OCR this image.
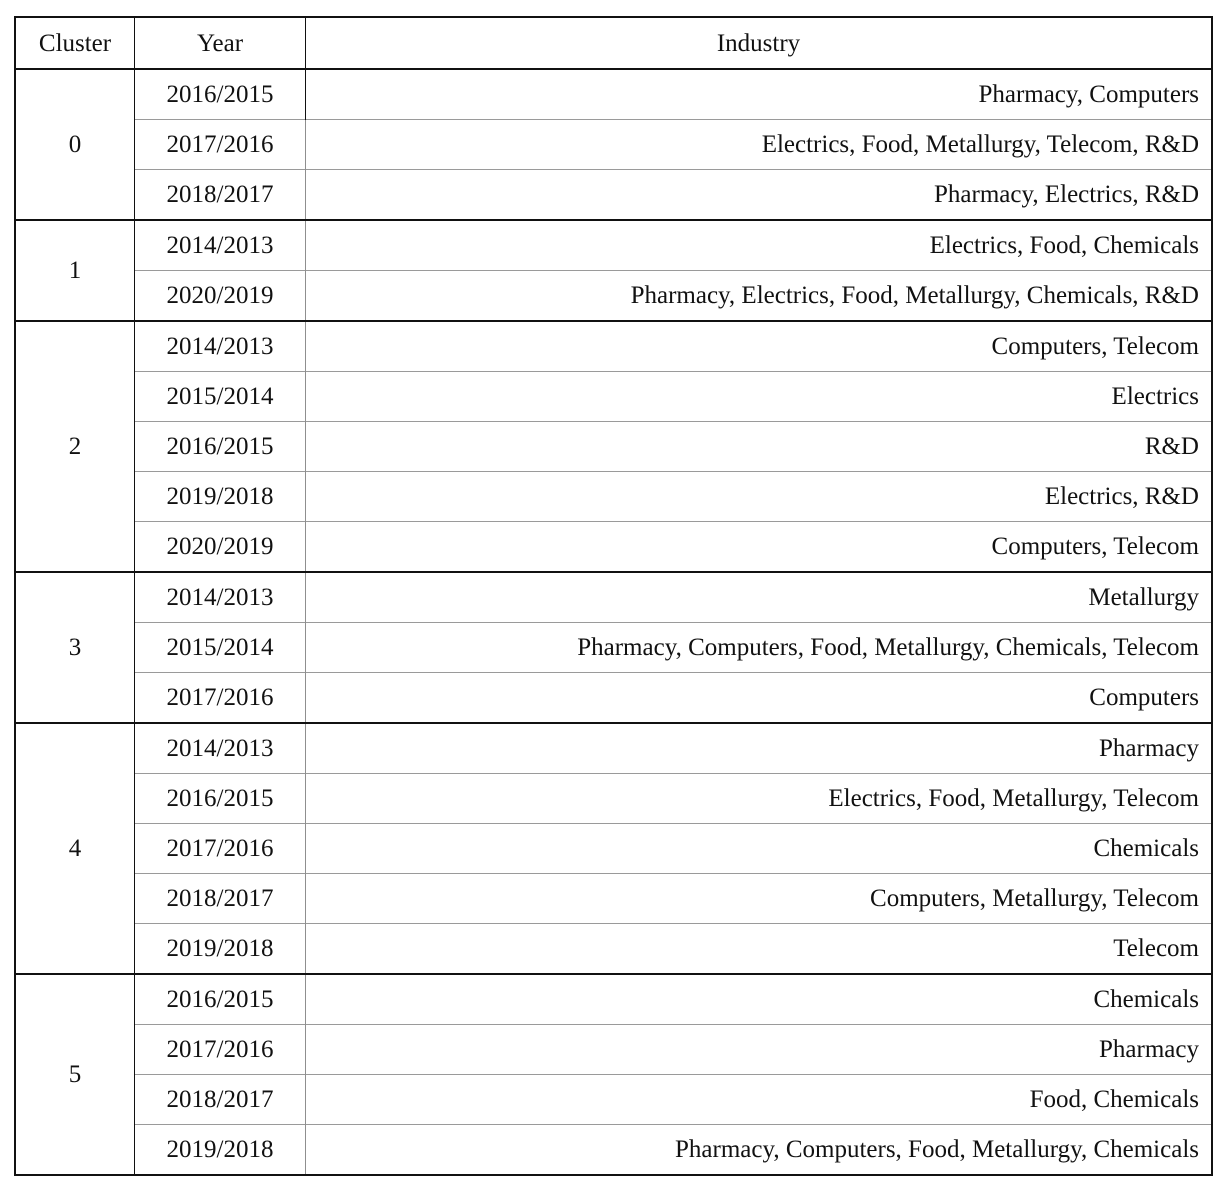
Cluster	Year	Industry
0	2016/2015	Pharmacy, Computers
	2017/2016	Electrics, Food, Metallurgy, Telecom, R&D
	2018/2017	Pharmacy, Electrics, R&D
1	2014/2013	Electrics, Food, Chemicals
	2020/2019	Pharmacy, Electrics, Food, Metallurgy, Chemicals, R&D
2	2014/2013	Computers, Telecom
	2015/2014	Electrics
	2016/2015	R&D
	2019/2018	Electrics, R&D
	2020/2019	Computers, Telecom
3	2014/2013	Metallurgy
	2015/2014	Pharmacy, Computers, Food, Metallurgy, Chemicals, Telecom
	2017/2016	Computers
4	2014/2013	Pharmacy
	2016/2015	Electrics, Food, Metallurgy, Telecom
	2017/2016	Chemicals
	2018/2017	Computers, Metallurgy, Telecom
	2019/2018	Telecom
5	2016/2015	Chemicals
	2017/2016	Pharmacy
	2018/2017	Food, Chemicals
	2019/2018	Pharmacy, Computers, Food, Metallurgy, Chemicals
